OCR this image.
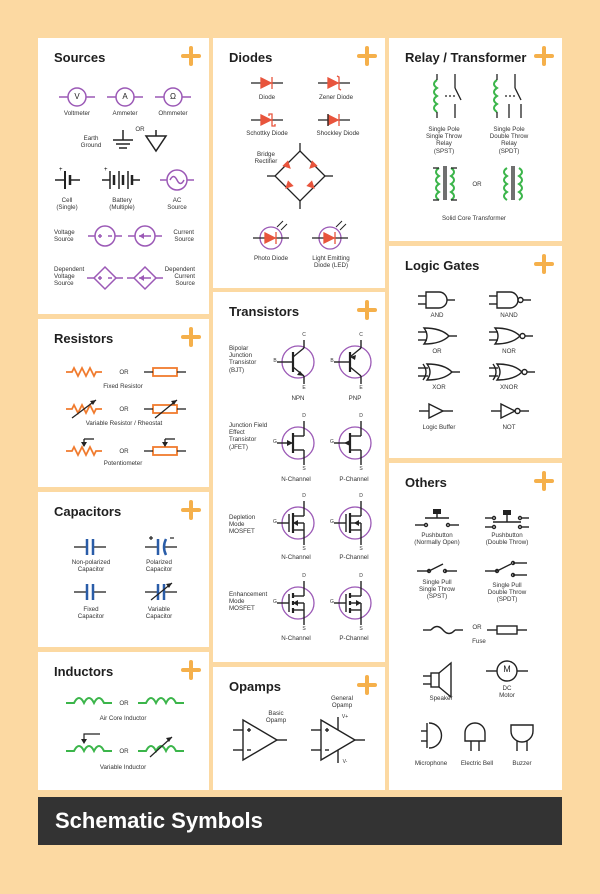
Sources
+	+
V	A	Ω
Voltmeter	Ammeter	Ohmmeter
Earth
Ground
OR
Cell
(Single)
Battery
(Multiple)
AC
Source
Voltage
Source
Current
Source
Dependent
Voltage
Source
Dependent
Current
Source
Diodes
Diode	Zener Diode
Schottky Diode	Shockley Diode
Bridge
Rectifier
Photo Diode	Light Emitting
Diode (LED)
Relay / Transformer
Single Pole
Single Throw
Relay
(SPST)
Single Pole
Double Throw
Relay
(SPDT)
OR
Solid Core Transformer
Resistors
OR
Fixed Resistor
OR
Variable Resistor / Rheostat
OR
Potentiometer
Transistors
Bipolar
Junction
Transistor
(BJT)
NPN	PNP
Junction Field
Effect
Transistor
(JFET)
N-Channel	P-Channel
Depletion
Mode
MOSFET
N-Channel	P-Channel
Enhancement
Mode
MOSFET
N-Channel	P-Channel
C
B
E
C
B
E
D
G
S
D
G
S
D
G
S
D
G
S
D
G
S
D
G
S
Logic Gates
AND	NAND
OR	NOR
XOR	XNOR
Logic Buffer	NOT
Capacitors
Non-polarized
Capacitor
Polarized
Capacitor
Fixed
Capacitor
Variable
Capacitor
Inductors
OR
Air Core Inductor
OR
Variable Inductor
Opamps
Basic
Opamp
General
Opamp
V+
V-
Others
Pushbutton
(Normally Open)
Pushbutton
(Double Throw)
Single Pull
Single Throw
(SPST)
Single Pull
Double Throw
(SPDT)
OR
Fuse
M
Speaker
DC
Motor
Microphone	Electric Bell	Buzzer
Schematic Symbols
